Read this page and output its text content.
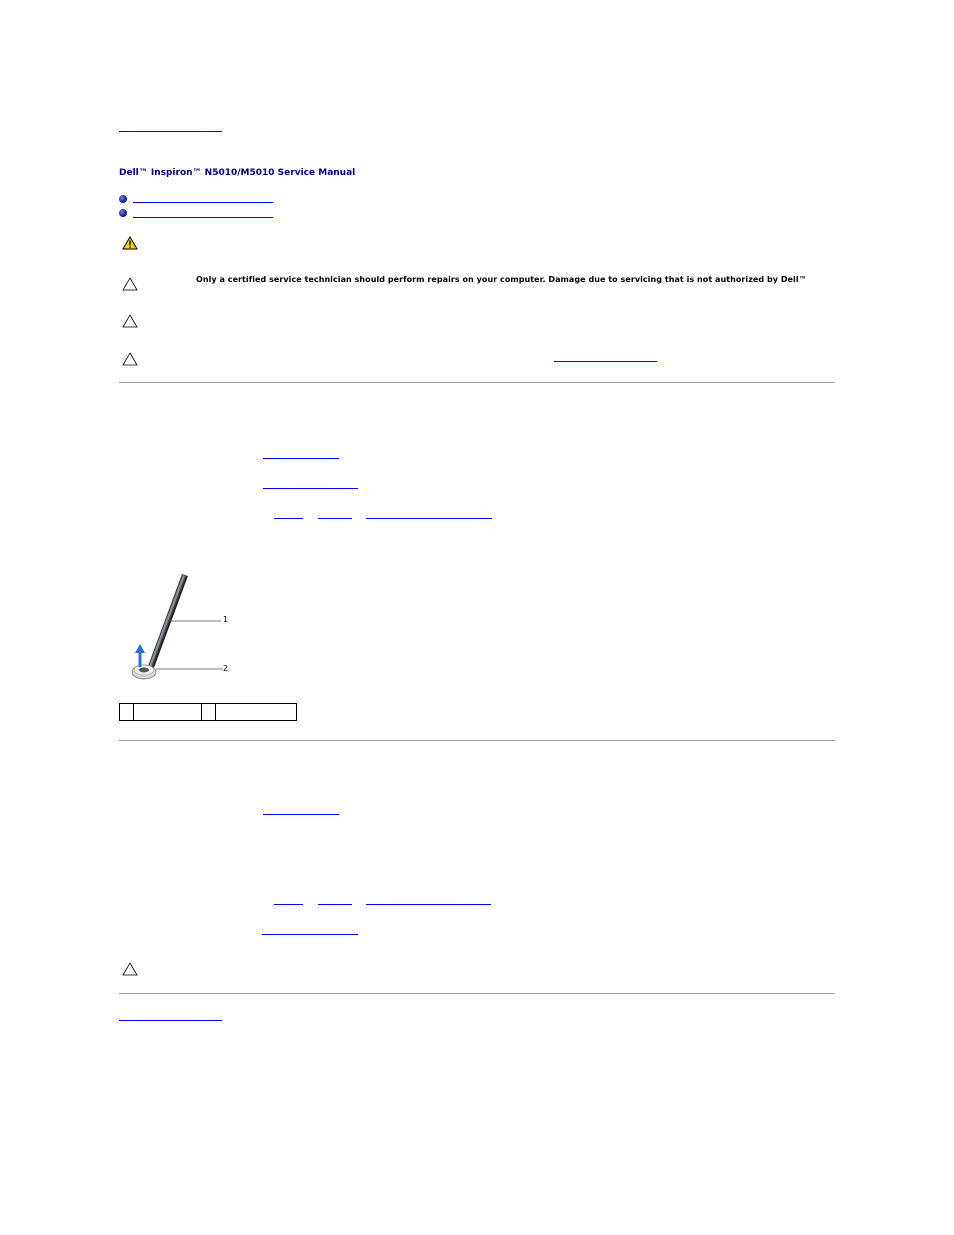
Dell™ Inspiron™ N5010/M5010 Service Manual
Only a certified service technician should perform repairs on your computer. Damage due to servicing that is not authorized by Dell™
1
2
